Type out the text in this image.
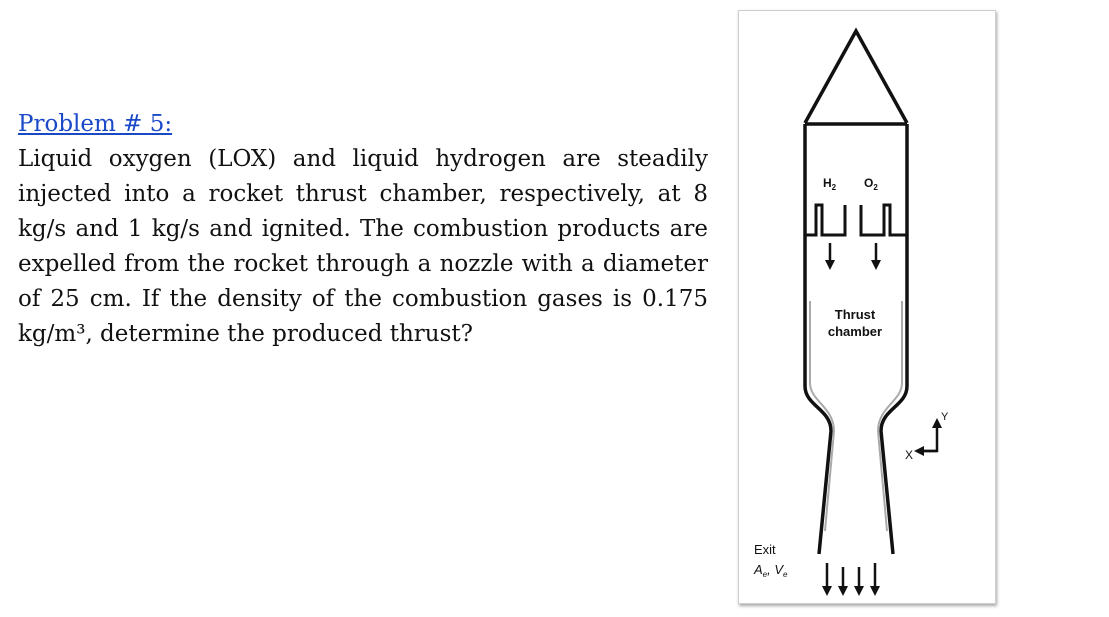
Problem # 5:

Liquid oxygen (LOX) and liquid hydrogen are steadily injected into a rocket thrust chamber, respectively, at 8 kg/s and 1 kg/s and ignited. The combustion products are expelled from the rocket through a nozzle with a diameter of 25 cm. If the density of the combustion gases is 0.175 kg/m³, determine the produced thrust?

$H_2$ $O_2$
Thrust
chamber
X
Y
Exit
$A_e$, $V_e$
